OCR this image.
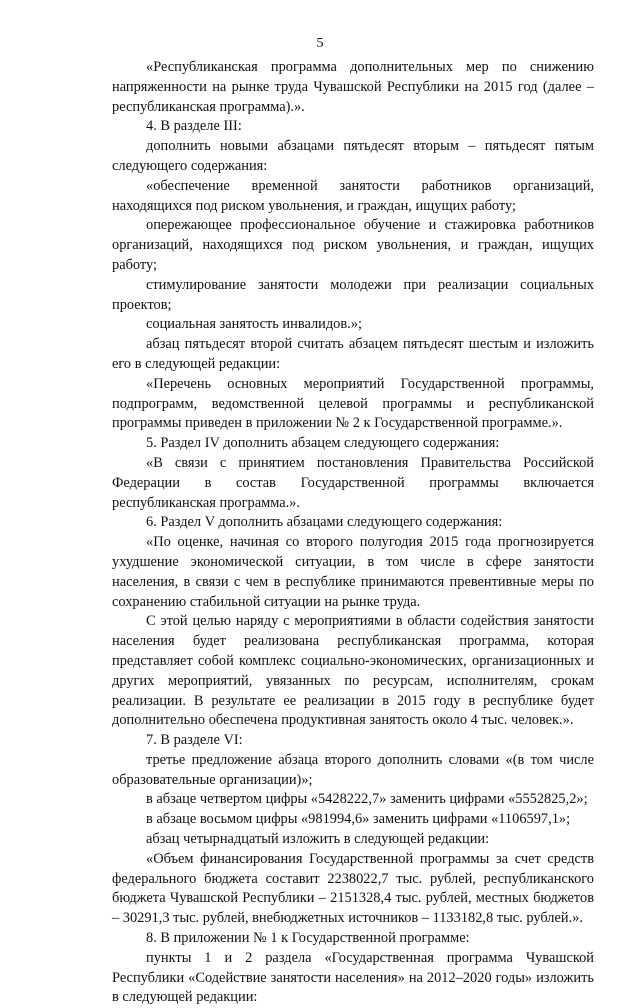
5

«Республиканская программа дополнительных мер по снижению напряженности на рынке труда Чувашской Республики на 2015 год (далее – республиканская программа).».

4. В разделе III:

дополнить новыми абзацами пятьдесят вторым – пятьдесят пятым следующего содержания:

«обеспечение временной занятости работников организаций, находящихся под риском увольнения, и граждан, ищущих работу;

опережающее профессиональное обучение и стажировка работников организаций, находящихся под риском увольнения, и граждан, ищущих работу;

стимулирование занятости молодежи при реализации социальных проектов;

социальная занятость инвалидов.»;

абзац пятьдесят второй считать абзацем пятьдесят шестым и изложить его в следующей редакции:

«Перечень основных мероприятий Государственной программы, подпрограмм, ведомственной целевой программы и республиканской программы приведен в приложении № 2 к Государственной программе.».

5. Раздел IV дополнить абзацем следующего содержания:

«В связи с принятием постановления Правительства Российской Федерации в состав Государственной программы включается республиканская программа.».

6. Раздел V дополнить абзацами следующего содержания:

«По оценке, начиная со второго полугодия 2015 года прогнозируется ухудшение экономической ситуации, в том числе в сфере занятости населения, в связи с чем в республике принимаются превентивные меры по сохранению стабильной ситуации на рынке труда.

С этой целью наряду с мероприятиями в области содействия занятости населения будет реализована республиканская программа, которая представляет собой комплекс социально-экономических, организационных и других мероприятий, увязанных по ресурсам, исполнителям, срокам реализации. В результате ее реализации в 2015 году в республике будет дополнительно обеспечена продуктивная занятость около 4 тыс. человек.».

7. В разделе VI:

третье предложение абзаца второго дополнить словами «(в том числе образовательные организации)»;

в абзаце четвертом цифры «5428222,7» заменить цифрами «5552825,2»;

в абзаце восьмом цифры «981994,6» заменить цифрами «1106597,1»;

абзац четырнадцатый изложить в следующей редакции:

«Объем финансирования Государственной программы за счет средств федерального бюджета составит 2238022,7 тыс. рублей, республиканского бюджета Чувашской Республики – 2151328,4 тыс. рублей, местных бюджетов – 30291,3 тыс. рублей, внебюджетных источников – 1133182,8 тыс. рублей.».

8. В приложении № 1 к Государственной программе:

пункты 1 и 2 раздела «Государственная программа Чувашской Республики «Содействие занятости населения» на 2012–2020 годы» изложить в следующей редакции:
